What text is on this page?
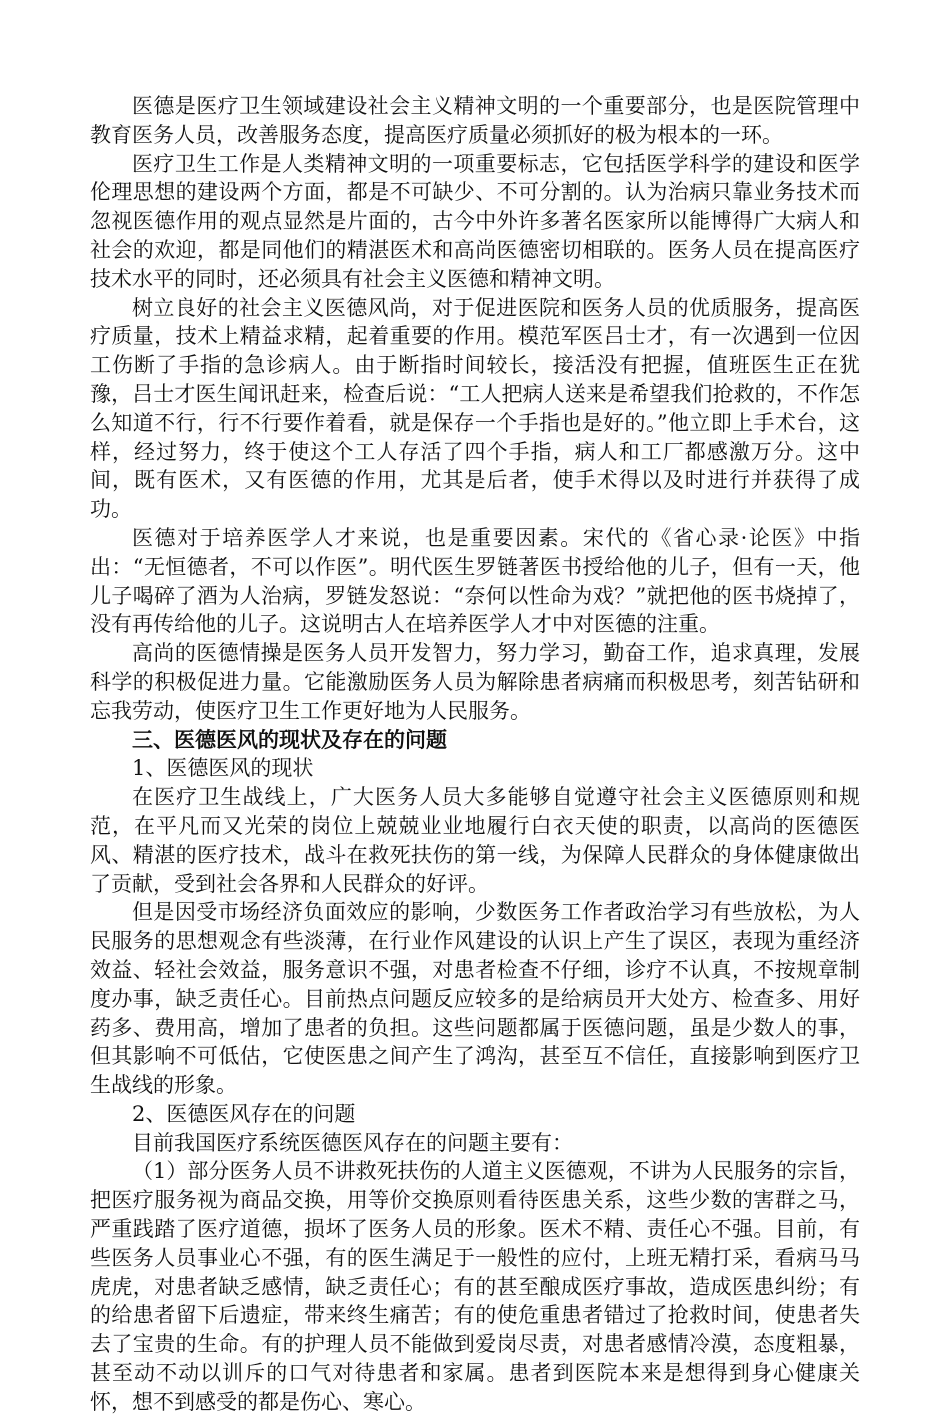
医德是医疗卫生领域建设社会主义精神文明的一个重要部分，也是医院管理中教育医务人员，改善服务态度，提高医疗质量必须抓好的极为根本的一环。

医疗卫生工作是人类精神文明的一项重要标志，它包括医学科学的建设和医学伦理思想的建设两个方面，都是不可缺少、不可分割的。认为治病只靠业务技术而忽视医德作用的观点显然是片面的，古今中外许多著名医家所以能博得广大病人和社会的欢迎，都是同他们的精湛医术和高尚医德密切相联的。医务人员在提高医疗技术水平的同时，还必须具有社会主义医德和精神文明。

树立良好的社会主义医德风尚，对于促进医院和医务人员的优质服务，提高医疗质量，技术上精益求精，起着重要的作用。模范军医吕士才，有一次遇到一位因工伤断了手指的急诊病人。由于断指时间较长，接活没有把握，值班医生正在犹豫，吕士才医生闻讯赶来，检查后说：“工人把病人送来是希望我们抢救的，不作怎么知道不行，行不行要作着看，就是保存一个手指也是好的。”他立即上手术台，这样，经过努力，终于使这个工人存活了四个手指，病人和工厂都感激万分。这中间，既有医术，又有医德的作用，尤其是后者，使手术得以及时进行并获得了成功。

医德对于培养医学人才来说，也是重要因素。宋代的《省心录·论医》中指出：“无恒德者，不可以作医”。明代医生罗链著医书授给他的儿子，但有一天，他儿子喝碎了酒为人治病，罗链发怒说：“奈何以性命为戏？”就把他的医书烧掉了，没有再传给他的儿子。这说明古人在培养医学人才中对医德的注重。

高尚的医德情操是医务人员开发智力，努力学习，勤奋工作，追求真理，发展科学的积极促进力量。它能激励医务人员为解除患者病痛而积极思考，刻苦钻研和忘我劳动，使医疗卫生工作更好地为人民服务。

三、医德医风的现状及存在的问题

1、医德医风的现状

在医疗卫生战线上，广大医务人员大多能够自觉遵守社会主义医德原则和规范，在平凡而又光荣的岗位上兢兢业业地履行白衣天使的职责，以高尚的医德医风、精湛的医疗技术，战斗在救死扶伤的第一线，为保障人民群众的身体健康做出了贡献，受到社会各界和人民群众的好评。

但是因受市场经济负面效应的影响，少数医务工作者政治学习有些放松，为人民服务的思想观念有些淡薄，在行业作风建设的认识上产生了误区，表现为重经济效益、轻社会效益，服务意识不强，对患者检查不仔细，诊疗不认真，不按规章制度办事，缺乏责任心。目前热点问题反应较多的是给病员开大处方、检查多、用好药多、费用高，增加了患者的负担。这些问题都属于医德问题，虽是少数人的事，但其影响不可低估，它使医患之间产生了鸿沟，甚至互不信任，直接影响到医疗卫生战线的形象。

2、医德医风存在的问题

目前我国医疗系统医德医风存在的问题主要有：

（1）部分医务人员不讲救死扶伤的人道主义医德观，不讲为人民服务的宗旨，把医疗服务视为商品交换，用等价交换原则看待医患关系，这些少数的害群之马，严重践踏了医疗道德，损坏了医务人员的形象。医术不精、责任心不强。目前，有些医务人员事业心不强，有的医生满足于一般性的应付，上班无精打采，看病马马虎虎，对患者缺乏感情，缺乏责任心；有的甚至酿成医疗事故，造成医患纠纷；有的给患者留下后遗症，带来终生痛苦；有的使危重患者错过了抢救时间，使患者失去了宝贵的生命。有的护理人员不能做到爱岗尽责，对患者感情冷漠，态度粗暴，甚至动不动以训斥的口气对待患者和家属。患者到医院本来是想得到身心健康关怀，想不到感受的都是伤心、寒心。
